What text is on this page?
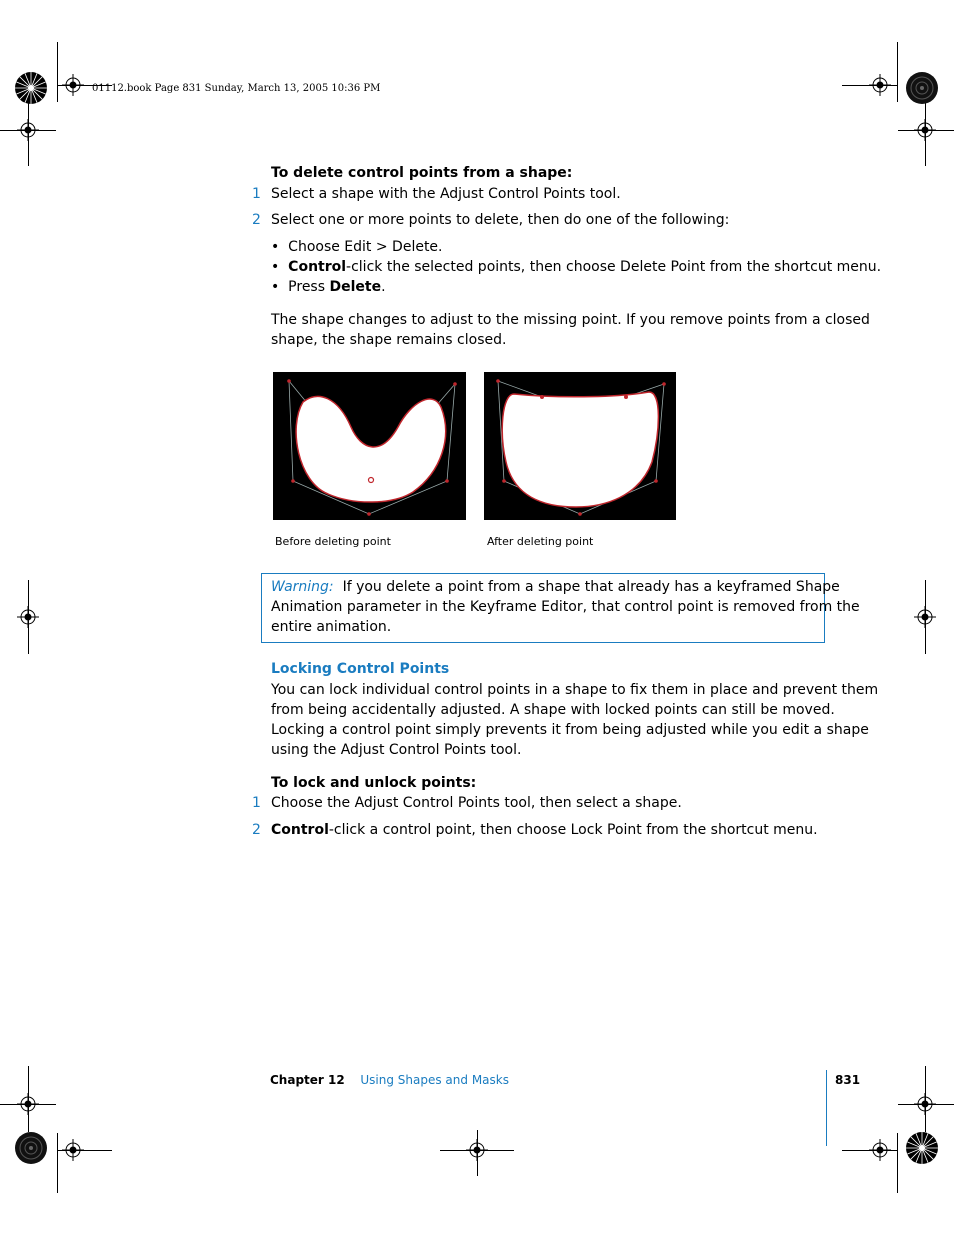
01112.book Page 831 Sunday, March 13, 2005 10:36 PM
To delete control points from a shape:
1 Select a shape with the Adjust Control Points tool.
2 Select one or more points to delete, then do one of the following:
•  Choose Edit > Delete.
•  Control-click the selected points, then choose Delete Point from the shortcut menu.
•  Press Delete.
The shape changes to adjust to the missing point. If you remove points from a closed
shape, the shape remains closed.
Before deleting point	After deleting point
Warning: If you delete a point from a shape that already has a keyframed Shape
Animation parameter in the Keyframe Editor, that control point is removed from the
entire animation.
Locking Control Points
You can lock individual control points in a shape to fix them in place and prevent them
from being accidentally adjusted. A shape with locked points can still be moved.
Locking a control point simply prevents it from being adjusted while you edit a shape
using the Adjust Control Points tool.
To lock and unlock points:
1 Choose the Adjust Control Points tool, then select a shape.
2 Control-click a control point, then choose Lock Point from the shortcut menu.
Chapter 12 Using Shapes and Masks	831
